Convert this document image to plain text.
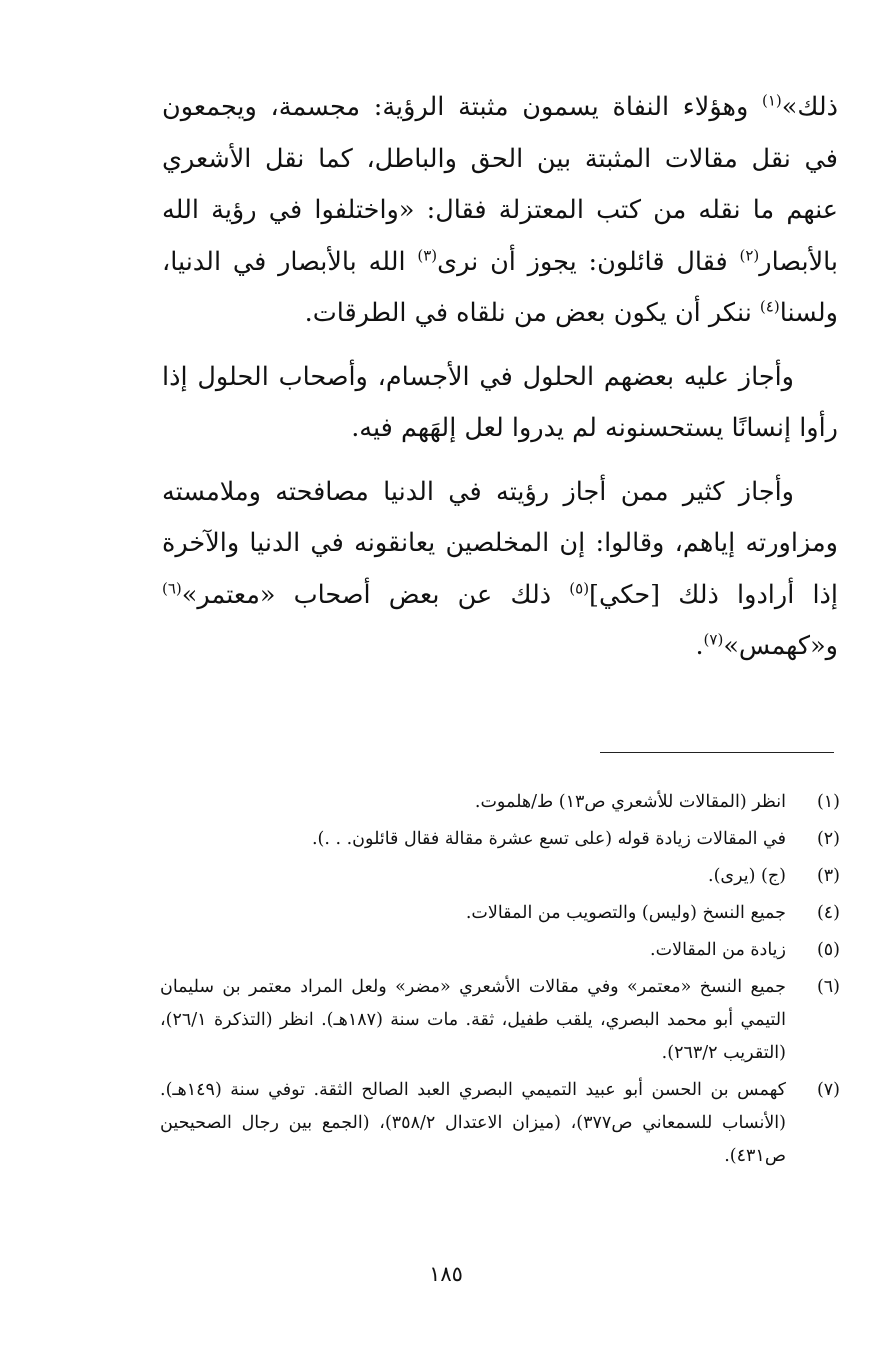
ذلك»$^{(١)}$ وهؤلاء النفاة يسمون مثبتة الرؤية: مجسمة، ويجمعون في نقل مقالات المثبتة بين الحق والباطل، كما نقل الأشعري عنهم ما نقله من كتب المعتزلة فقال: «واختلفوا في رؤية الله بالأبصار$^{(٢)}$ فقال قائلون: يجوز أن نرى$^{(٣)}$ الله بالأبصار في الدنيا، ولسنا$^{(٤)}$ ننكر أن يكون بعض من نلقاه في الطرقات.

وأجاز عليه بعضهم الحلول في الأجسام، وأصحاب الحلول إذا رأوا إنسانًا يستحسنونه لم يدروا لعل إلهَهم فيه.

وأجاز كثير ممن أجاز رؤيته في الدنيا مصافحته وملامسته ومزاورته إياهم، وقالوا: إن المخلصين يعانقونه في الدنيا والآخرة إذا أرادوا ذلك [حكي]$^{(٥)}$ ذلك عن بعض أصحاب «معتمر»$^{(٦)}$ و«كهمس»$^{(٧)}$.

(١)
انظر (المقالات للأشعري ص١٣) ط/هلموت.
(٢)
في المقالات زيادة قوله (على تسع عشرة مقالة فقال قائلون. . .).
(٣)
(ج) (يرى).
(٤)
جميع النسخ (وليس) والتصويب من المقالات.
(٥)
زيادة من المقالات.
(٦)
جميع النسخ «معتمر» وفي مقالات الأشعري «مضر» ولعل المراد معتمر بن سليمان التيمي أبو محمد البصري، يلقب طفيل، ثقة. مات سنة (١٨٧هـ). انظر (التذكرة ٢٦/١)، (التقريب ٢٦٣/٢).
(٧)
كهمس بن الحسن أبو عبيد التميمي البصري العبد الصالح الثقة. توفي سنة (١٤٩هـ). (الأنساب للسمعاني ص٣٧٧)، (ميزان الاعتدال ٣٥٨/٢)، (الجمع بين رجال الصحيحين ص٤٣١).
١٨٥
